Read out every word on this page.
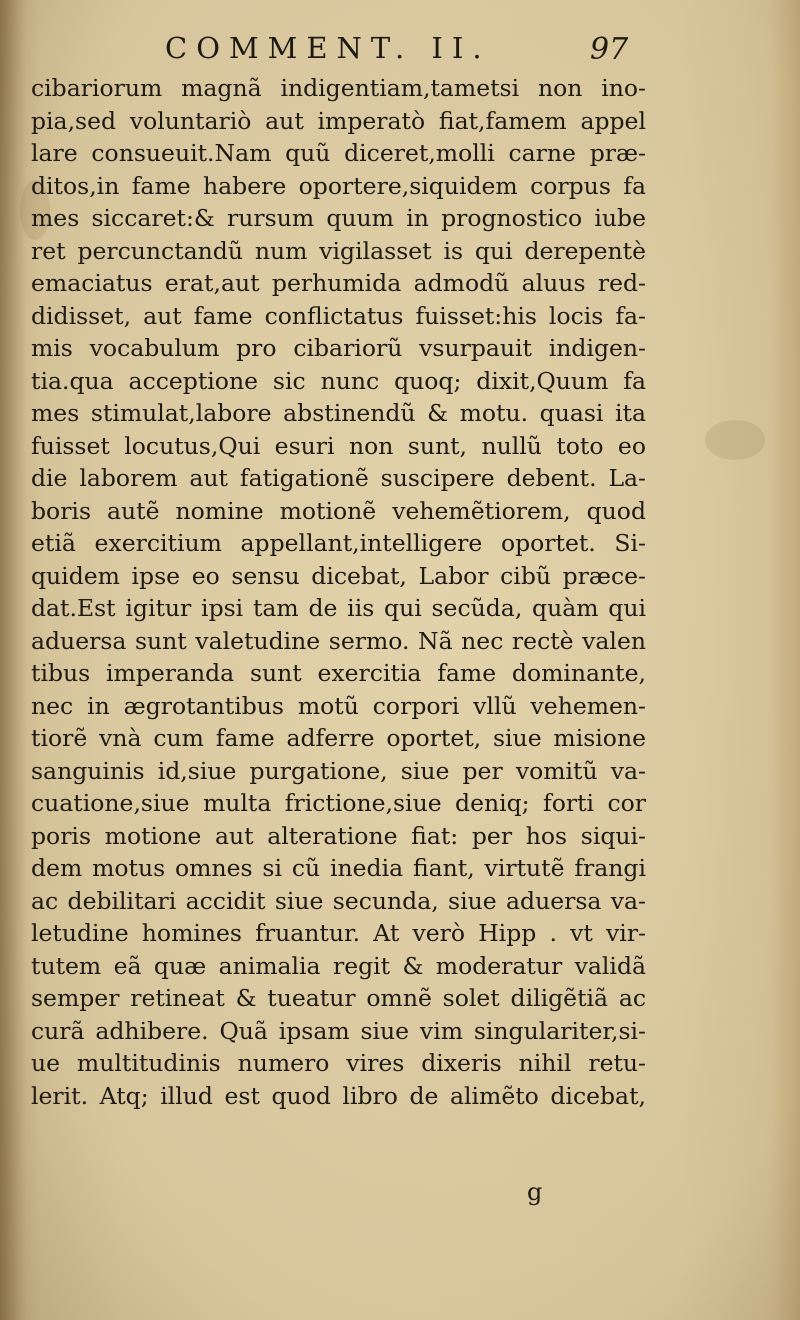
COMMENT. II.	97
cibariorum magnã indigentiam,tametsi non ino-
pia,sed voluntariò aut imperatò fiat,famem appel
lare consueuit.Nam quũ diceret,molli carne præ-
ditos,in fame habere oportere,siquidem corpus fa
mes siccaret:& rursum quum in prognostico iube
ret percunctandũ num vigilasset is qui derepentè
emaciatus erat,aut perhumida admodũ aluus red-
didisset, aut fame conflictatus fuisset:his locis fa-
mis vocabulum pro cibariorũ vsurpauit indigen-
tia.qua acceptione sic nunc quoq; dixit,Quum fa
mes stimulat,labore abstinendũ & motu. quasi ita
fuisset locutus,Qui esuri non sunt, nullũ toto eo
die laborem aut fatigationẽ suscipere debent. La-
boris autẽ nomine motionẽ vehemẽtiorem, quod
etiã exercitium appellant,intelligere oportet. Si-
quidem ipse eo sensu dicebat, Labor cibũ præce-
dat.Est igitur ipsi tam de iis qui secũda, quàm qui
aduersa sunt valetudine sermo. Nã nec rectè valen
tibus imperanda sunt exercitia fame dominante,
nec in ægrotantibus motũ corpori vllũ vehemen-
tiorẽ vnà cum fame adferre oportet, siue misione
sanguinis id,siue purgatione, siue per vomitũ va-
cuatione,siue multa frictione,siue deniq; forti cor
poris motione aut alteratione fiat: per hos siqui-
dem motus omnes si cũ inedia fiant, virtutẽ frangi
ac debilitari accidit siue secunda, siue aduersa va-
letudine homines fruantur. At verò Hipp . vt vir-
tutem eã quæ animalia regit & moderatur validã
semper retineat & tueatur omnẽ solet diligẽtiã ac
curã adhibere. Quã ipsam siue vim singulariter,si-
ue multitudinis numero vires dixeris nihil retu-
lerit. Atq; illud est quod libro de alimẽto dicebat,
g
